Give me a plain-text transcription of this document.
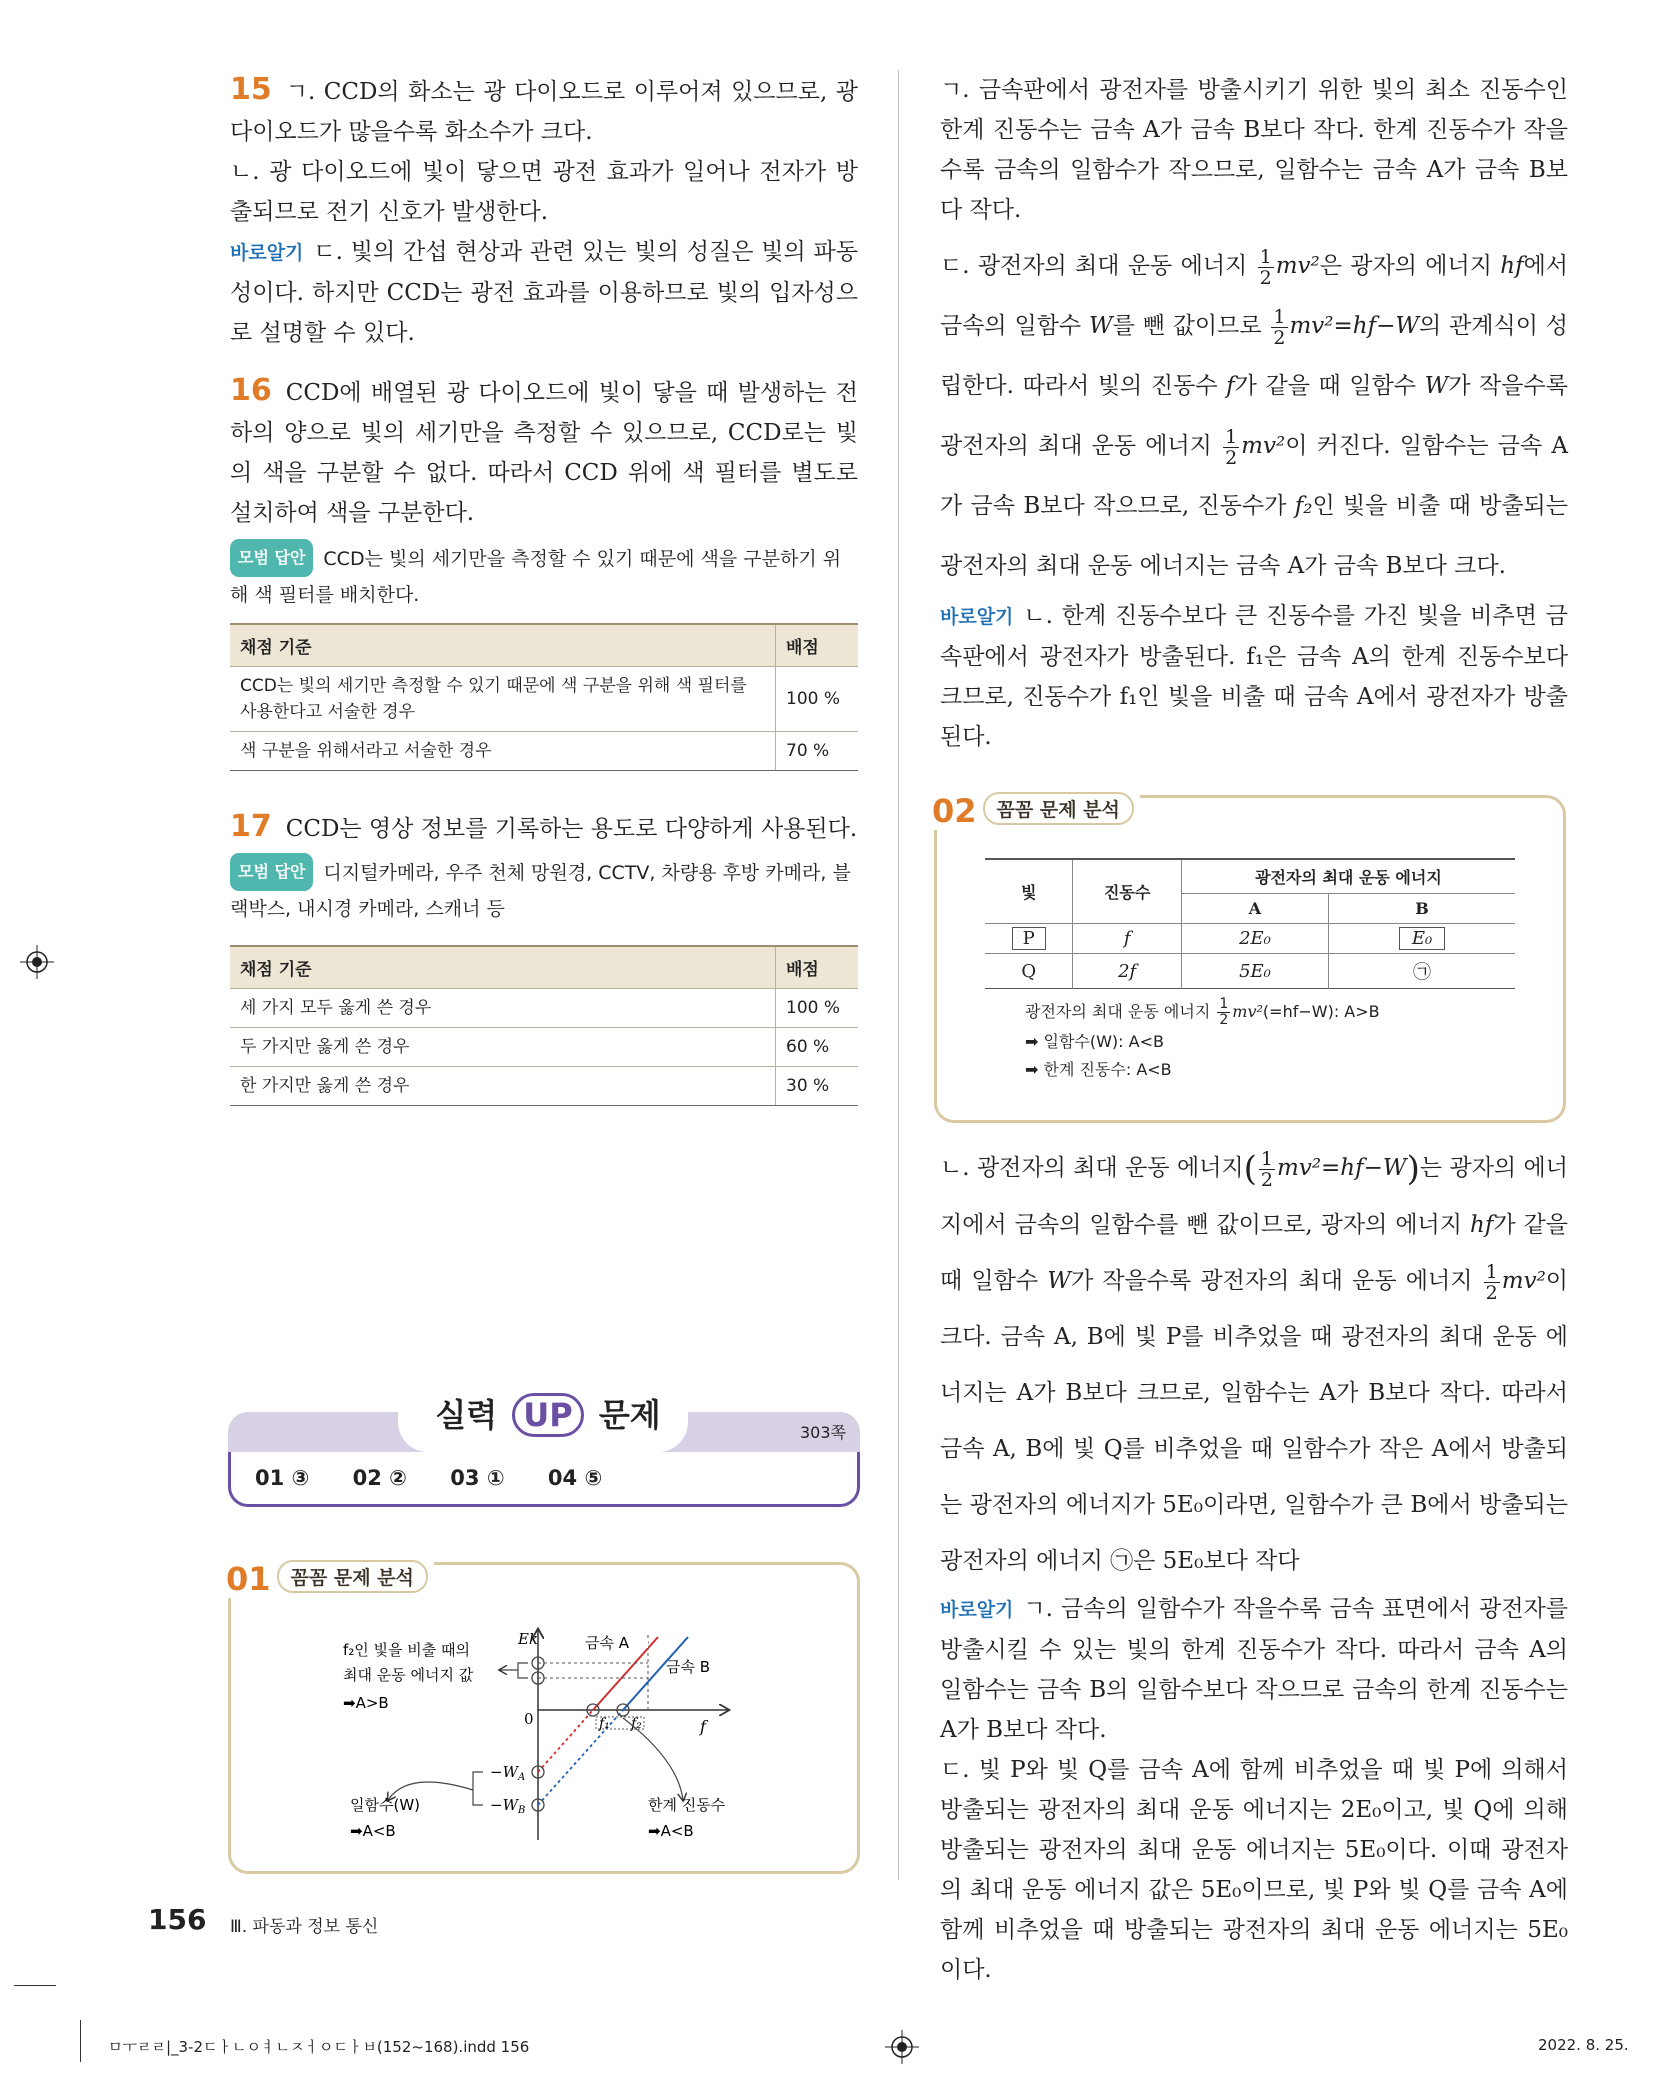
15 ㄱ. CCD의 화소는 광 다이오드로 이루어져 있으므로, 광 다이오드가 많을수록 화소수가 크다.

ㄴ. 광 다이오드에 빛이 닿으면 광전 효과가 일어나 전자가 방출되므로 전기 신호가 발생한다.

바로알기 ㄷ. 빛의 간섭 현상과 관련 있는 빛의 성질은 빛의 파동성이다. 하지만 CCD는 광전 효과를 이용하므로 빛의 입자성으로 설명할 수 있다.

16 CCD에 배열된 광 다이오드에 빛이 닿을 때 발생하는 전하의 양으로 빛의 세기만을 측정할 수 있으므로, CCD로는 빛의 색을 구분할 수 없다. 따라서 CCD 위에 색 필터를 별도로 설치하여 색을 구분한다.

모범 답안 CCD는 빛의 세기만을 측정할 수 있기 때문에 색을 구분하기 위해 색 필터를 배치한다.

채점 기준	배점
CCD는 빛의 세기만 측정할 수 있기 때문에 색 구분을 위해 색 필터를 사용한다고 서술한 경우	100 %
색 구분을 위해서라고 서술한 경우	70 %

17 CCD는 영상 정보를 기록하는 용도로 다양하게 사용된다.

모범 답안 디지털카메라, 우주 천체 망원경, CCTV, 차량용 후방 카메라, 블랙박스, 내시경 카메라, 스캐너 등

채점 기준	배점
세 가지 모두 옳게 쓴 경우	100 %
두 가지만 옳게 쓴 경우	60 %
한 가지만 옳게 쓴 경우	30 %
실력 UP 문제	303쪽
01 ③ 02 ② 03 ① 04 ⑤
01 꼼꼼 문제 분석
Ek
0	f
금속 A
금속 B
f₁ f₂
$-W_A$
$-W_B$
f₂인 빛을 비출 때의
최대 운동 에너지 값
➡A>B
일함수(W)
➡A<B
한계 진동수
➡A<B

ㄱ. 금속판에서 광전자를 방출시키기 위한 빛의 최소 진동수인 한계 진동수는 금속 A가 금속 B보다 작다. 한계 진동수가 작을수록 금속의 일함수가 작으므로, 일함수는 금속 A가 금속 B보다 작다.

ㄷ. 광전자의 최대 운동 에너지 $\frac{1}{2} mv^2$은 광자의 에너지 hf에서 금속의 일함수 W를 뺀 값이므로 $\frac{1}{2} mv^2=hf-W$의 관계식이 성립한다. 따라서 빛의 진동수 f가 같을 때 일함수 W가 작을수록 광전자의 최대 운동 에너지 $\frac{1}{2} mv^2$이 커진다. 일함수는 금속 A가 금속 B보다 작으므로, 진동수가 f₂인 빛을 비출 때 방출되는 광전자의 최대 운동 에너지는 금속 A가 금속 B보다 크다.

바로알기 ㄴ. 한계 진동수보다 큰 진동수를 가진 빛을 비추면 금속판에서 광전자가 방출된다. f₁은 금속 A의 한계 진동수보다 크므로, 진동수가 f₁인 빛을 비출 때 금속 A에서 광전자가 방출된다.

02 꼼꼼 문제 분석
빛	진동수	광전자의 최대 운동 에너지	
		A	B
P	f	2E₀	E₀
Q	2f	5E₀	㉠
광전자의 최대 운동 에너지 $\frac{1}{2} mv^2(=hf-W)$: A>B
➡ 일함수(W): A<B
➡ 한계 진동수: A<B

ㄴ. 광전자의 최대 운동 에너지( $\frac{1}{2} mv^2=hf-W$)는 광자의 에너지에서 금속의 일함수를 뺀 값이므로, 광자의 에너지 hf가 같을 때 일함수 W가 작을수록 광전자의 최대 운동 에너지 $\frac{1}{2} mv^2$이 크다. 금속 A, B에 빛 P를 비추었을 때 광전자의 최대 운동 에너지는 A가 B보다 크므로, 일함수는 A가 B보다 작다. 따라서 금속 A, B에 빛 Q를 비추었을 때 일함수가 작은 A에서 방출되는 광전자의 에너지가 5E₀이라면, 일함수가 큰 B에서 방출되는 광전자의 에너지 ㉠은 5E₀보다 작다

바로알기 ㄱ. 금속의 일함수가 작을수록 금속 표면에서 광전자를 방출시킬 수 있는 빛의 한계 진동수가 작다. 따라서 금속 A의 일함수는 금속 B의 일함수보다 작으므로 금속의 한계 진동수는 A가 B보다 작다.

ㄷ. 빛 P와 빛 Q를 금속 A에 함께 비추었을 때 빛 P에 의해서 방출되는 광전자의 최대 운동 에너지는 2E₀이고, 빛 Q에 의해 방출되는 광전자의 최대 운동 에너지는 5E₀이다. 이때 광전자의 최대 운동 에너지 값은 5E₀이므로, 빛 P와 빛 Q를 금속 A에 함께 비추었을 때 방출되는 광전자의 최대 운동 에너지는 5E₀이다.

156 Ⅲ. 파동과 정보 통신
ㅁㅜㄹㄹ|_3-2ㄷㅏㄴㅇㅕㄴㅈㅓㅇㄷㅏㅂ(152~168).indd 156	2022. 8. 25.
